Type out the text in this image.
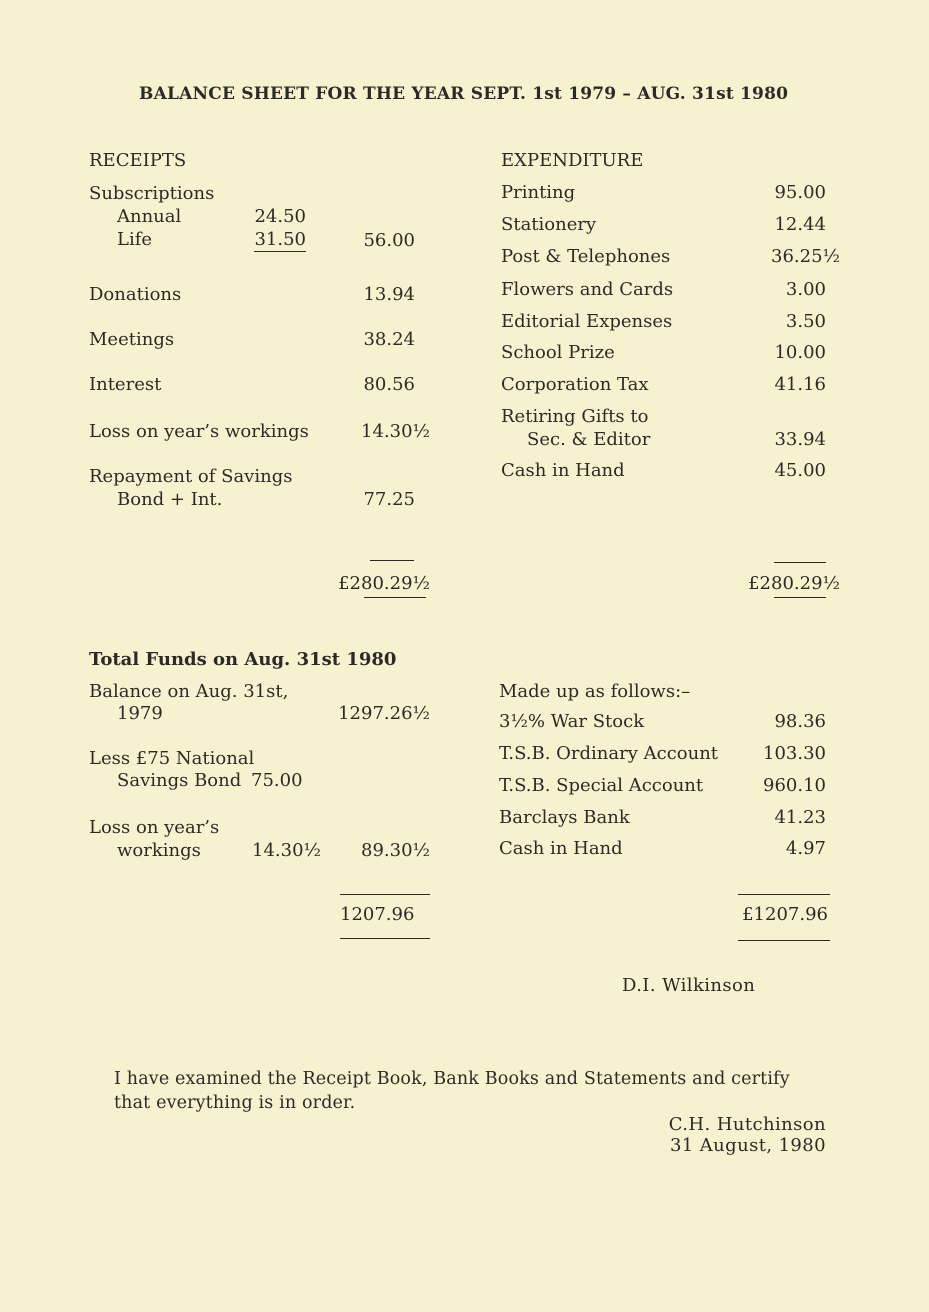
BALANCE SHEET FOR THE YEAR SEPT. 1st 1979 – AUG. 31st 1980
RECEIPTS
Subscriptions
Annual	24.50
Life	31.50	56.00
Donations	13.94
Meetings	38.24
Interest	80.56
Loss on year’s workings	14.30½
Repayment of Savings
Bond + Int.	77.25
£280.29½
EXPENDITURE
Printing	95.00
Stationery	12.44
Post & Telephones	36.25½
Flowers and Cards	3.00
Editorial Expenses	3.50
School Prize	10.00
Corporation Tax	41.16
Retiring Gifts to
Sec. & Editor	33.94
Cash in Hand	45.00
£280.29½
Total Funds on Aug. 31st 1980
Balance on Aug. 31st,
1979	1297.26½
Less £75 National
Savings Bond 75.00
Loss on year’s
workings	14.30½	89.30½
1207.96
Made up as follows:–
3½% War Stock	98.36
T.S.B. Ordinary Account	103.30
T.S.B. Special Account	960.10
Barclays Bank	41.23
Cash in Hand	4.97
£1207.96
D.I. Wilkinson
I have examined the Receipt Book, Bank Books and Statements and certify
that everything is in order.
C.H. Hutchinson
31 August, 1980
